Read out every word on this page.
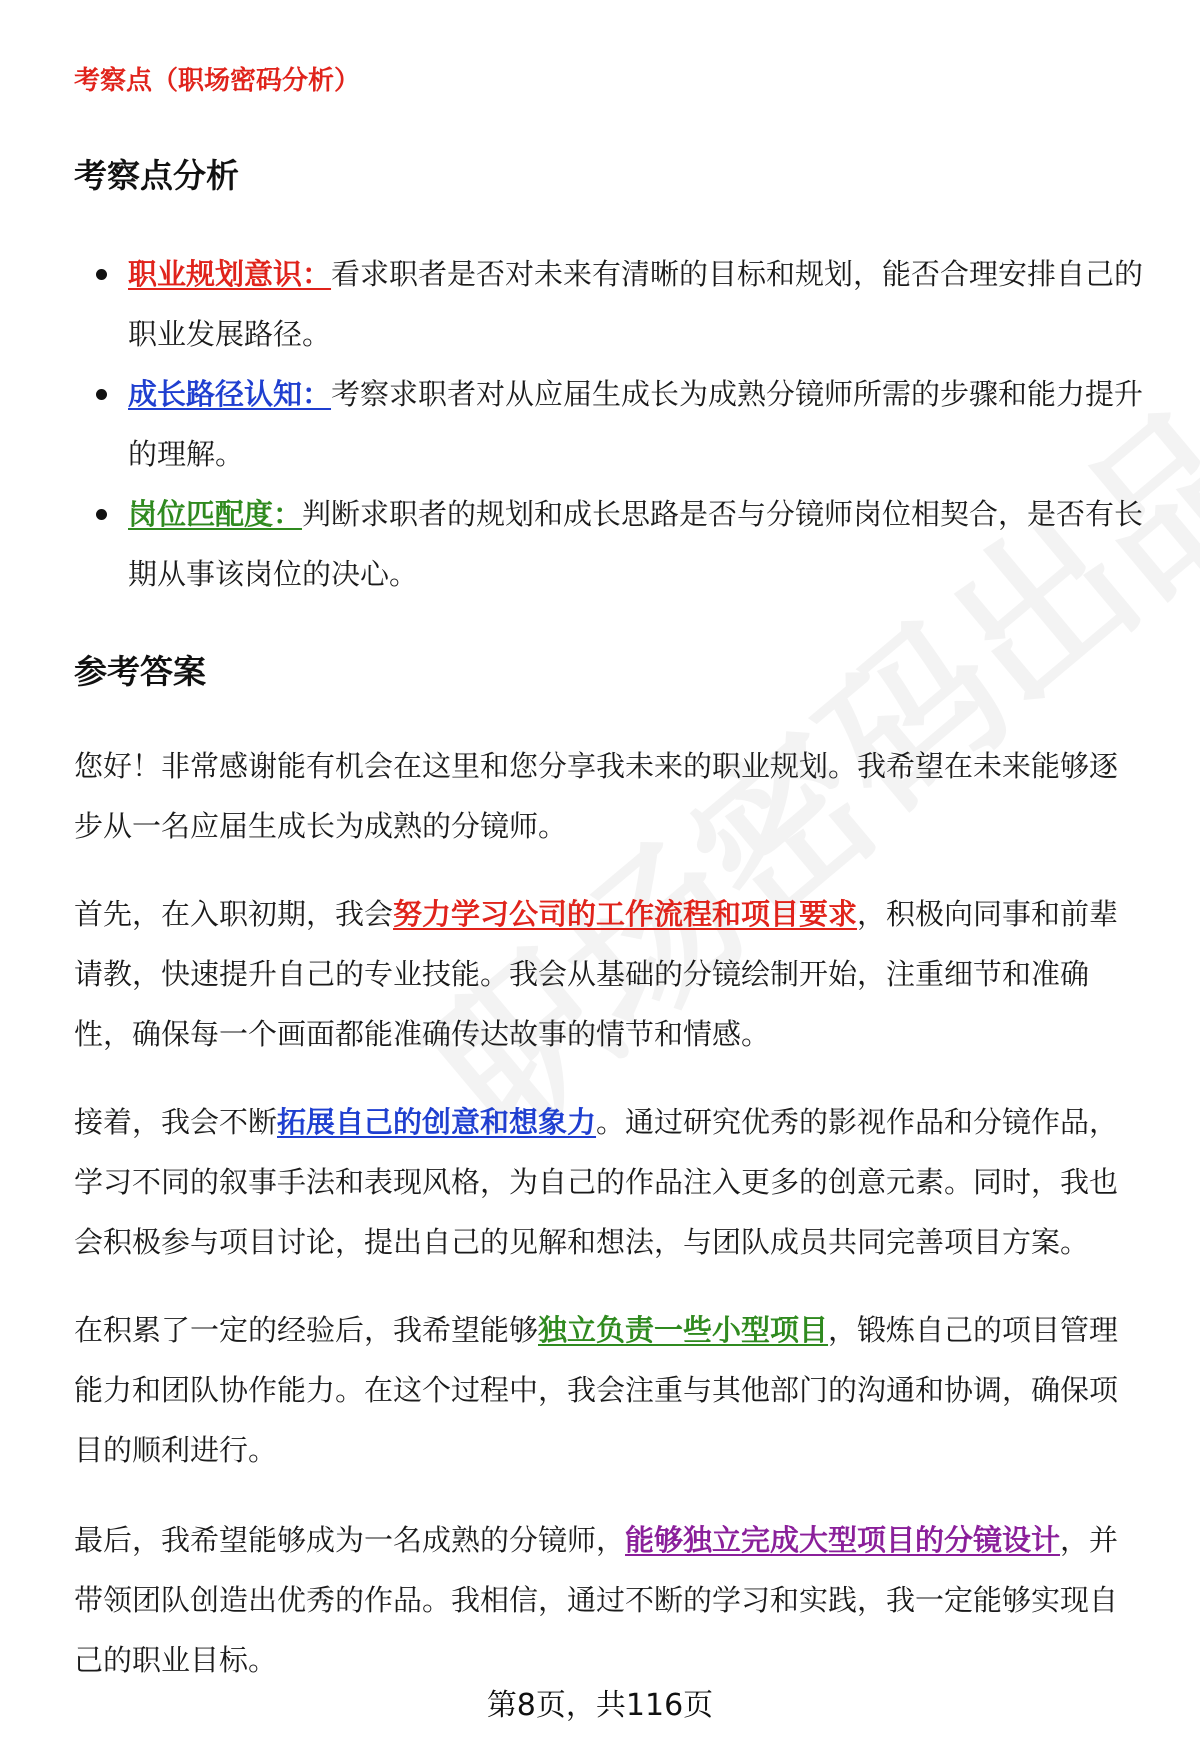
考察点（职场密码分析）
考察点分析
职业规划意识：看求职者是否对未来有清晰的目标和规划，能否合理安排自己的职业发展路径。
成长路径认知：考察求职者对从应届生成长为成熟分镜师所需的步骤和能力提升的理解。
岗位匹配度：判断求职者的规划和成长思路是否与分镜师岗位相契合，是否有长期从事该岗位的决心。
参考答案

您好！非常感谢能有机会在这里和您分享我未来的职业规划。我希望在未来能够逐步从一名应届生成长为成熟的分镜师。

首先，在入职初期，我会努力学习公司的工作流程和项目要求，积极向同事和前辈请教，快速提升自己的专业技能。我会从基础的分镜绘制开始，注重细节和准确性，确保每一个画面都能准确传达故事的情节和情感。

接着，我会不断拓展自己的创意和想象力。通过研究优秀的影视作品和分镜作品，学习不同的叙事手法和表现风格，为自己的作品注入更多的创意元素。同时，我也会积极参与项目讨论，提出自己的见解和想法，与团队成员共同完善项目方案。

在积累了一定的经验后，我希望能够独立负责一些小型项目，锻炼自己的项目管理能力和团队协作能力。在这个过程中，我会注重与其他部门的沟通和协调，确保项目的顺利进行。

最后，我希望能够成为一名成熟的分镜师，能够独立完成大型项目的分镜设计，并带领团队创造出优秀的作品。我相信，通过不断的学习和实践，我一定能够实现自己的职业目标。

第8页，共116页
